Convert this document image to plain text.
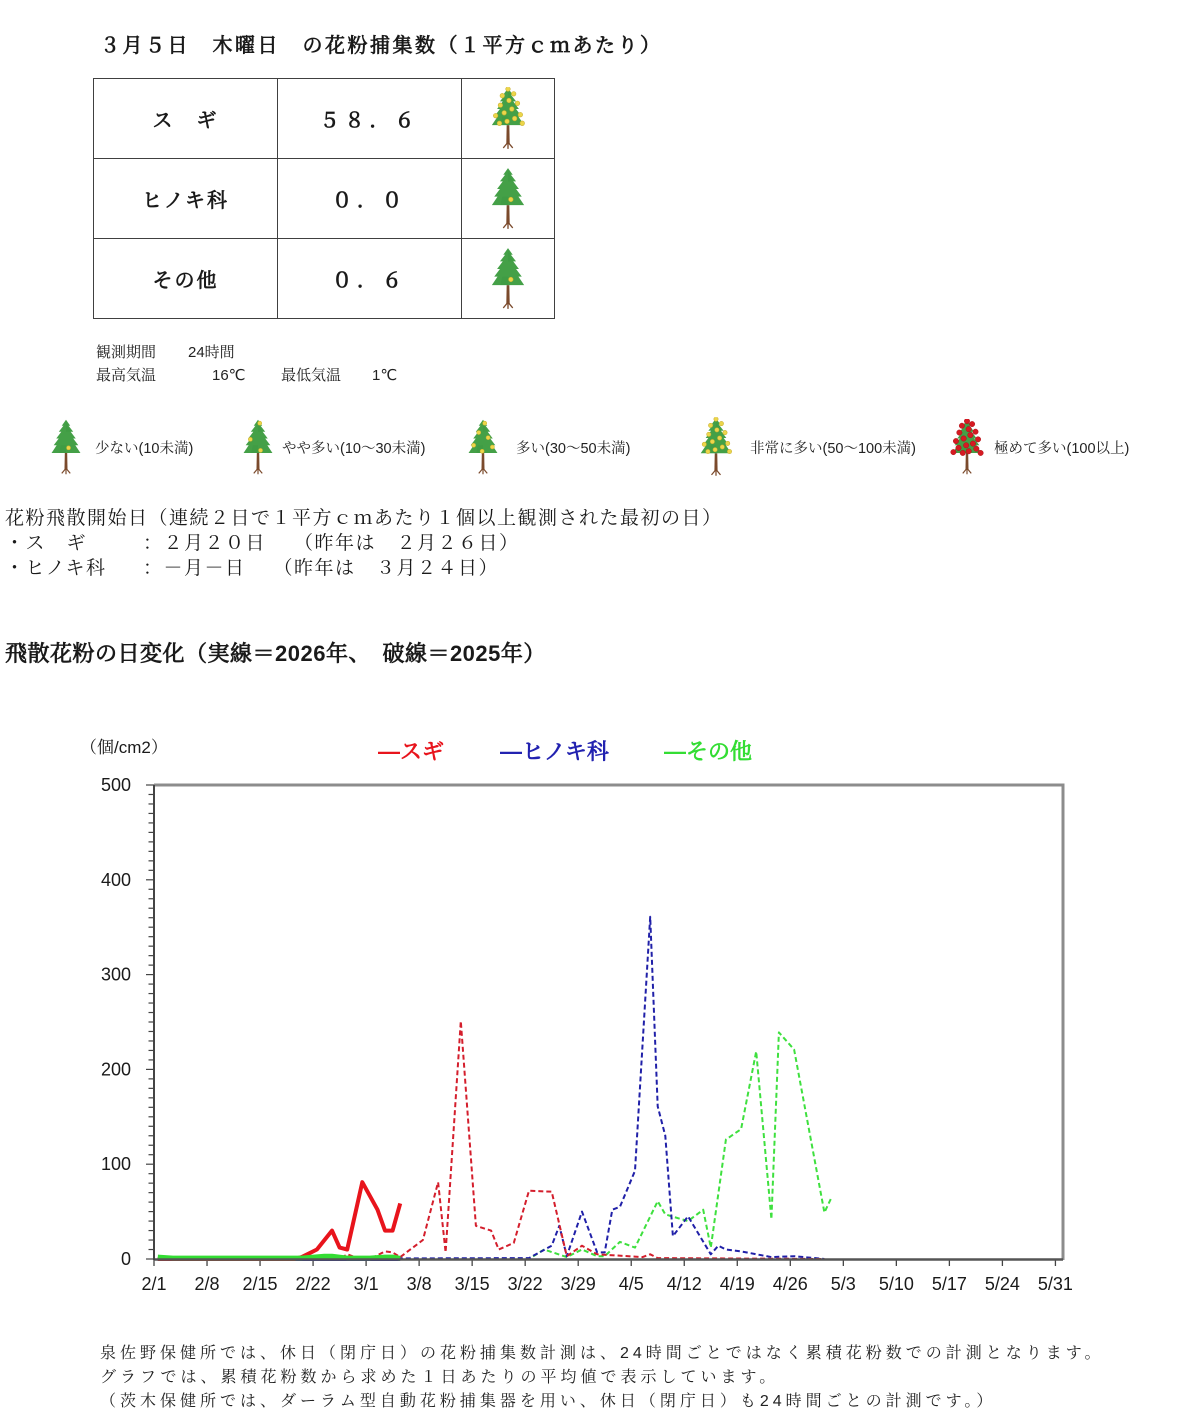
３月５日　木曜日　の花粉捕集数（１平方ｃｍあたり）
ス　ギ	５８．６	

ヒノキ科	０．０	

その他	０．６	
観測期間 24時間
最高気温	16℃ 最低気温 1℃
少ない(10未満)	やや多い(10～30未満)	多い(30～50未満)	非常に多い(50～100未満)	極めて多い(100以上)
花粉飛散開始日（連続２日で１平方ｃｍあたり１個以上観測された最初の日）
・ス　ギ	：２月２０日 （昨年は　２月２６日）
・ヒノキ科	：－月－日 （昨年は　３月２４日）
飛散花粉の日変化（実線＝2026年、　破線＝2025年）
（個/cm2）	―スギ	―ヒノキ科	―その他
0
100
200
300
400
500
2/1 2/8 2/15 2/22 3/1 3/8 3/15 3/22 3/29 4/5 4/12 4/19 4/26 5/3 5/10 5/17 5/24 5/31
泉佐野保健所では、休日（閉庁日）の花粉捕集数計測は、24時間ごとではなく累積花粉数での計測となります。
グラフでは、累積花粉数から求めた１日あたりの平均値で表示しています。
（茨木保健所では、ダーラム型自動花粉捕集器を用い、休日（閉庁日）も24時間ごとの計測です。）
